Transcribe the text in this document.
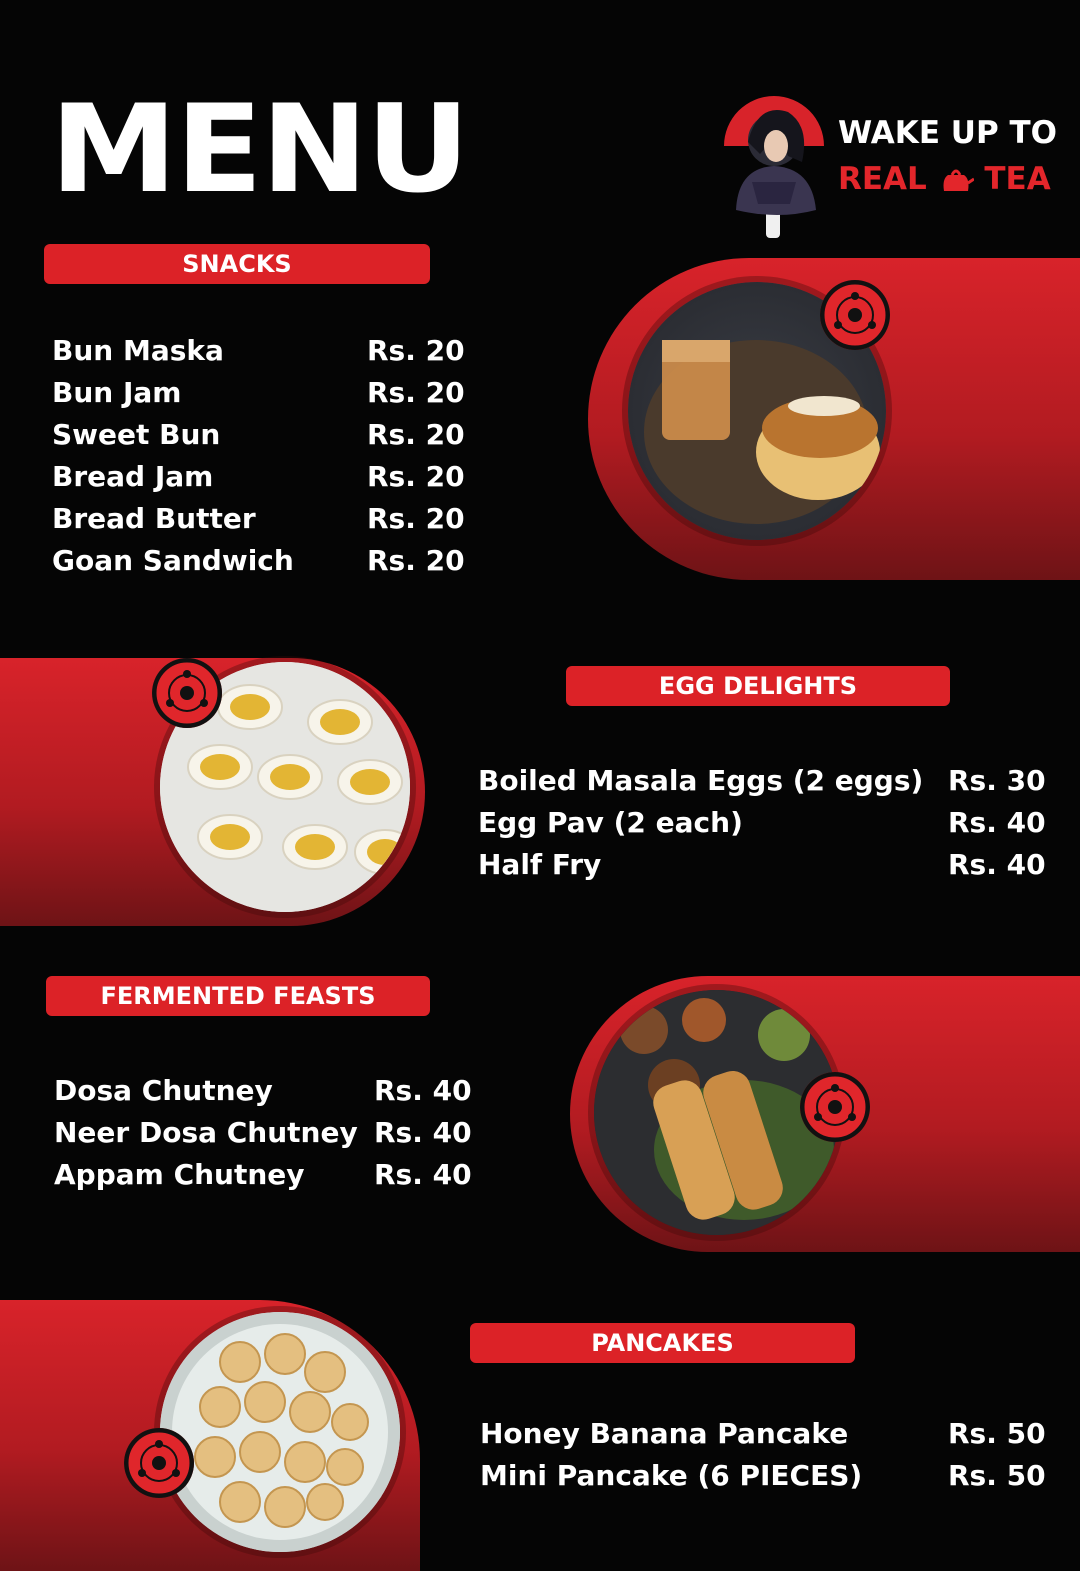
MENU	WAKE UP TO
REAL TEA
SNACKS
Bun Maska	Rs. 20
Bun Jam	Rs. 20
Sweet Bun	Rs. 20
Bread Jam	Rs. 20
Bread Butter	Rs. 20
Goan Sandwich	Rs. 20
EGG DELIGHTS
Boiled Masala Eggs (2 eggs) Rs. 30
Egg Pav (2 each)	Rs. 40
Half Fry	Rs. 40
FERMENTED FEASTS
Dosa Chutney	Rs. 40
Neer Dosa Chutney Rs. 40
Appam Chutney Rs. 40
PANCAKES
Honey Banana Pancake	Rs. 50
Mini Pancake (6 PIECES)	Rs. 50
